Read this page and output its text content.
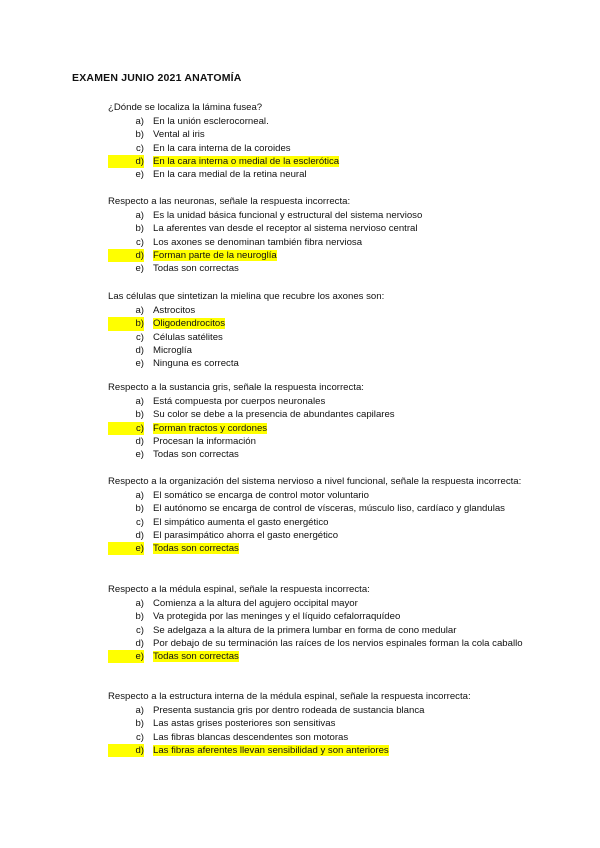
EXAMEN JUNIO 2021 ANATOMÍA
¿Dónde se localiza la lámina fusea?
a) En la unión esclerocorneal.
b) Vental al iris
c) En la cara interna de la coroides
d) En la cara interna o medial de la esclerótica
e) En la cara medial de la retina neural
Respecto a las neuronas, señale la respuesta incorrecta:
a) Es la unidad básica funcional y estructural del sistema nervioso
b) La aferentes van desde el receptor al sistema nervioso central
c) Los axones se denominan también fibra nerviosa
d) Forman parte de la neuroglía
e) Todas son correctas
Las células que sintetizan la mielina que recubre los axones son:
a) Astrocitos
b) Oligodendrocitos
c) Células satélites
d) Microglía
e) Ninguna es correcta
Respecto a la sustancia gris, señale la respuesta incorrecta:
a) Está compuesta por cuerpos neuronales
b) Su color se debe a la presencia de abundantes capilares
c) Forman tractos y cordones
d) Procesan la información
e) Todas son correctas
Respecto a la organización del sistema nervioso a nivel funcional, señale la respuesta incorrecta:
a) El somático se encarga de control motor voluntario
b) El autónomo se encarga de control de vísceras, músculo liso, cardíaco y glandulas
c) El simpático aumenta el gasto energético
d) El parasimpático ahorra el gasto energético
e) Todas son correctas
Respecto a la médula espinal, señale la respuesta incorrecta:
a) Comienza a la altura del agujero occipital mayor
b) Va protegida por las meninges y el líquido cefalorraquídeo
c) Se adelgaza a la altura de la primera lumbar en forma de cono medular
d) Por debajo de su terminación las raíces de los nervios espinales forman la cola caballo
e) Todas son correctas
Respecto a la estructura interna de la médula espinal, señale la respuesta incorrecta:
a) Presenta sustancia gris por dentro rodeada de sustancia blanca
b) Las astas grises posteriores son sensitivas
c) Las fibras blancas descendentes son motoras
d) Las fibras aferentes llevan sensibilidad y son anteriores
